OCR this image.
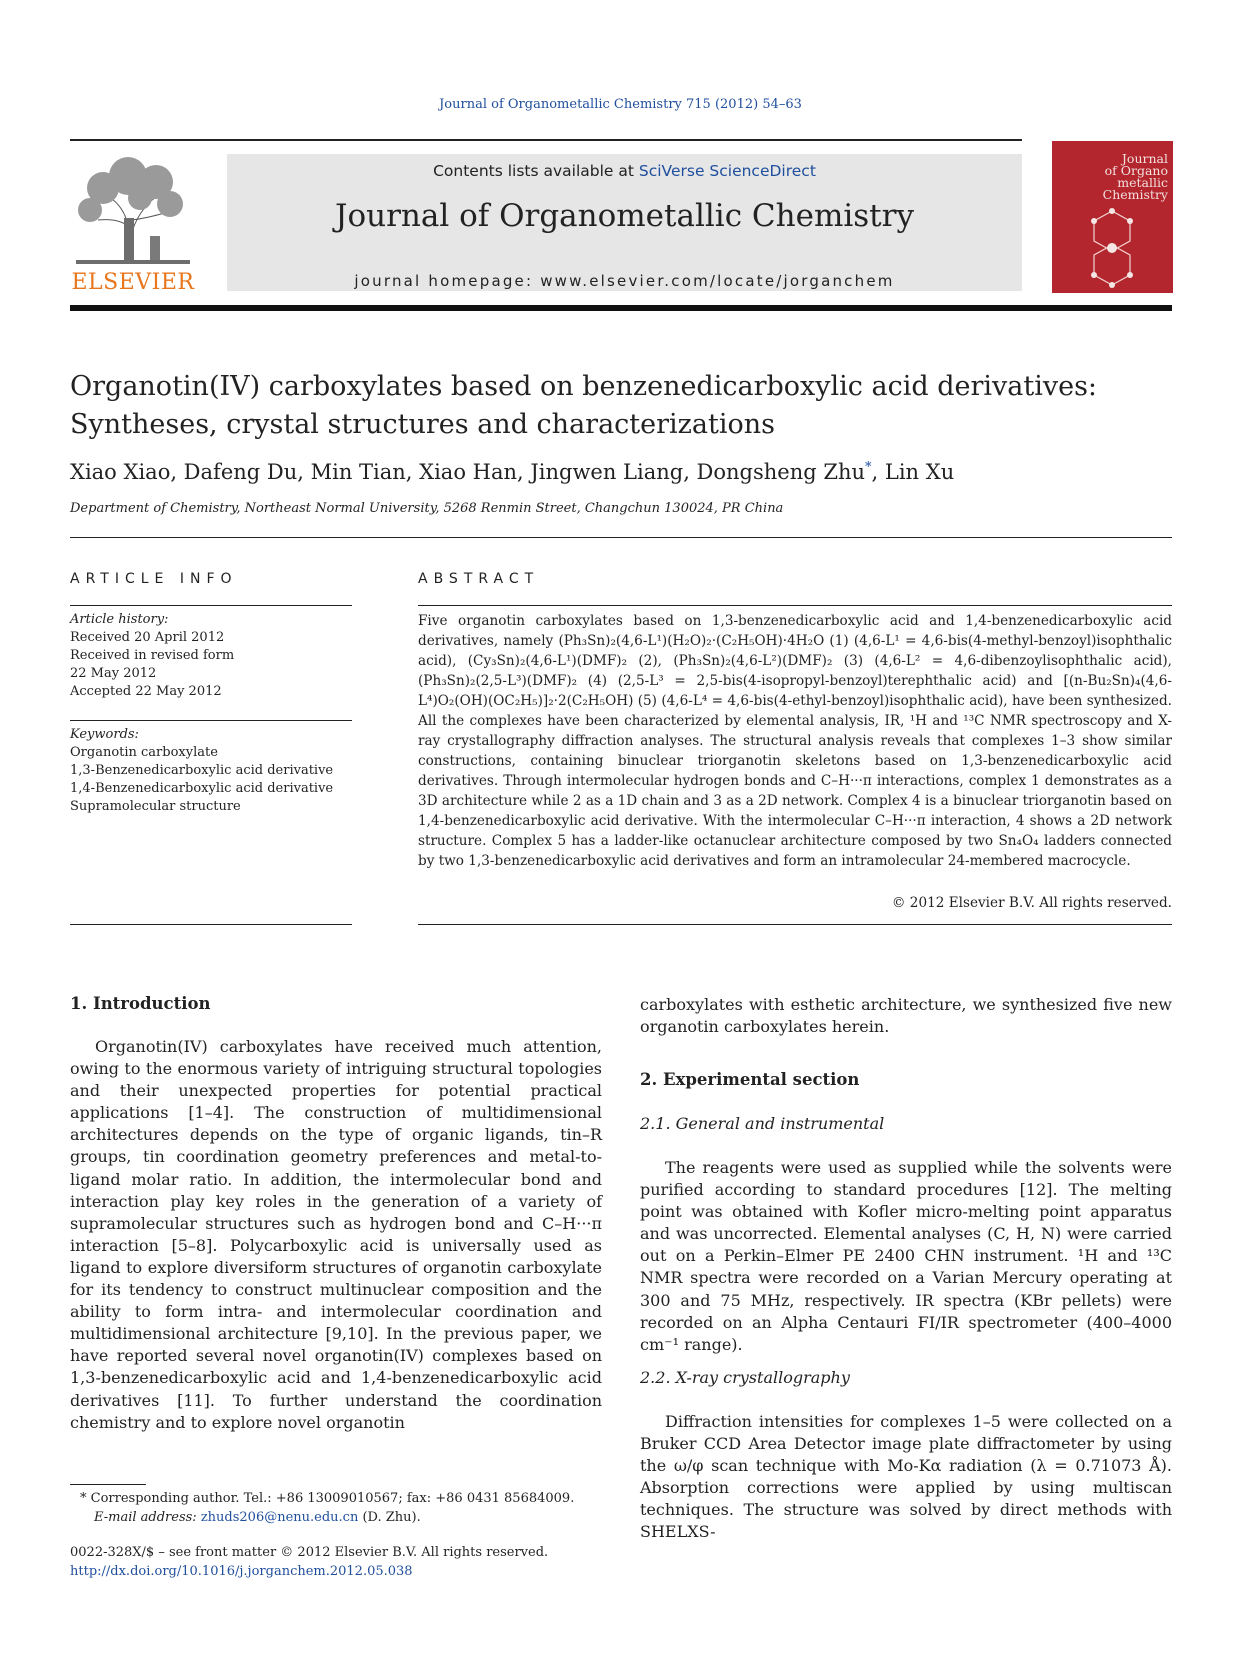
Journal of Organometallic Chemistry 715 (2012) 54–63
ELSEVIER
Contents lists available at SciVerse ScienceDirect
Journal of Organometallic Chemistry
journal homepage: www.elsevier.com/locate/jorganchem
Journal
of Organo
metallic
Chemistry
Organotin(IV) carboxylates based on benzenedicarboxylic acid derivatives:
Syntheses, crystal structures and characterizations
Xiao Xiao, Dafeng Du, Min Tian, Xiao Han, Jingwen Liang, Dongsheng Zhu*, Lin Xu
Department of Chemistry, Northeast Normal University, 5268 Renmin Street, Changchun 130024, PR China
ARTICLE INFO	ABSTRACT
Article history:
Received 20 April 2012
Received in revised form
22 May 2012
Accepted 22 May 2012
Keywords:
Organotin carboxylate
1,3-Benzenedicarboxylic acid derivative
1,4-Benzenedicarboxylic acid derivative
Supramolecular structure
Five organotin carboxylates based on 1,3-benzenedicarboxylic acid and 1,4-benzenedicarboxylic acid derivatives, namely (Ph₃Sn)₂(4,6-L¹)(H₂O)₂·(C₂H₅OH)·4H₂O (1) (4,6-L¹ = 4,6-bis(4-methyl-benzoyl)isophthalic acid), (Cy₃Sn)₂(4,6-L¹)(DMF)₂ (2), (Ph₃Sn)₂(4,6-L²)(DMF)₂ (3) (4,6-L² = 4,6-dibenzoylisophthalic acid), (Ph₃Sn)₂(2,5-L³)(DMF)₂ (4) (2,5-L³ = 2,5-bis(4-isopropyl-benzoyl)terephthalic acid) and [(n-Bu₂Sn)₄(4,6-L⁴)O₂(OH)(OC₂H₅)]₂·2(C₂H₅OH) (5) (4,6-L⁴ = 4,6-bis(4-ethyl-benzoyl)isophthalic acid), have been synthesized. All the complexes have been characterized by elemental analysis, IR, ¹H and ¹³C NMR spectroscopy and X-ray crystallography diffraction analyses. The structural analysis reveals that complexes 1–3 show similar constructions, containing binuclear triorganotin skeletons based on 1,3-benzenedicarboxylic acid derivatives. Through intermolecular hydrogen bonds and C–H···π interactions, complex 1 demonstrates as a 3D architecture while 2 as a 1D chain and 3 as a 2D network. Complex 4 is a binuclear triorganotin based on 1,4-benzenedicarboxylic acid derivative. With the intermolecular C–H···π interaction, 4 shows a 2D network structure. Complex 5 has a ladder-like octanuclear architecture composed by two Sn₄O₄ ladders connected by two 1,3-benzenedicarboxylic acid derivatives and form an intramolecular 24-membered macrocycle.
© 2012 Elsevier B.V. All rights reserved.
1. Introduction
Organotin(IV) carboxylates have received much attention, owing to the enormous variety of intriguing structural topologies and their unexpected properties for potential practical applications [1–4]. The construction of multidimensional architectures depends on the type of organic ligands, tin–R groups, tin coordination geometry preferences and metal-to-ligand molar ratio. In addition, the intermolecular bond and interaction play key roles in the generation of a variety of supramolecular structures such as hydrogen bond and C–H···π interaction [5–8]. Polycarboxylic acid is universally used as ligand to explore diversiform structures of organotin carboxylate for its tendency to construct multinuclear composition and the ability to form intra- and intermolecular coordination and multidimensional architecture [9,10]. In the previous paper, we have reported several novel organotin(IV) complexes based on 1,3-benzenedicarboxylic acid and 1,4-benzenedicarboxylic acid derivatives [11]. To further understand the coordination chemistry and to explore novel organotin
carboxylates with esthetic architecture, we synthesized five new organotin carboxylates herein.
2. Experimental section
2.1. General and instrumental
The reagents were used as supplied while the solvents were purified according to standard procedures [12]. The melting point was obtained with Kofler micro-melting point apparatus and was uncorrected. Elemental analyses (C, H, N) were carried out on a Perkin–Elmer PE 2400 CHN instrument. ¹H and ¹³C NMR spectra were recorded on a Varian Mercury operating at 300 and 75 MHz, respectively. IR spectra (KBr pellets) were recorded on an Alpha Centauri FI/IR spectrometer (400–4000 cm⁻¹ range).
2.2. X-ray crystallography
Diffraction intensities for complexes 1–5 were collected on a Bruker CCD Area Detector image plate diffractometer by using the ω/φ scan technique with Mo-Kα radiation (λ = 0.71073 Å). Absorption corrections were applied by using multiscan techniques. The structure was solved by direct methods with SHELXS-
* Corresponding author. Tel.: +86 13009010567; fax: +86 0431 85684009.
E-mail address: zhuds206@nenu.edu.cn (D. Zhu).
0022-328X/$ – see front matter © 2012 Elsevier B.V. All rights reserved.
http://dx.doi.org/10.1016/j.jorganchem.2012.05.038
